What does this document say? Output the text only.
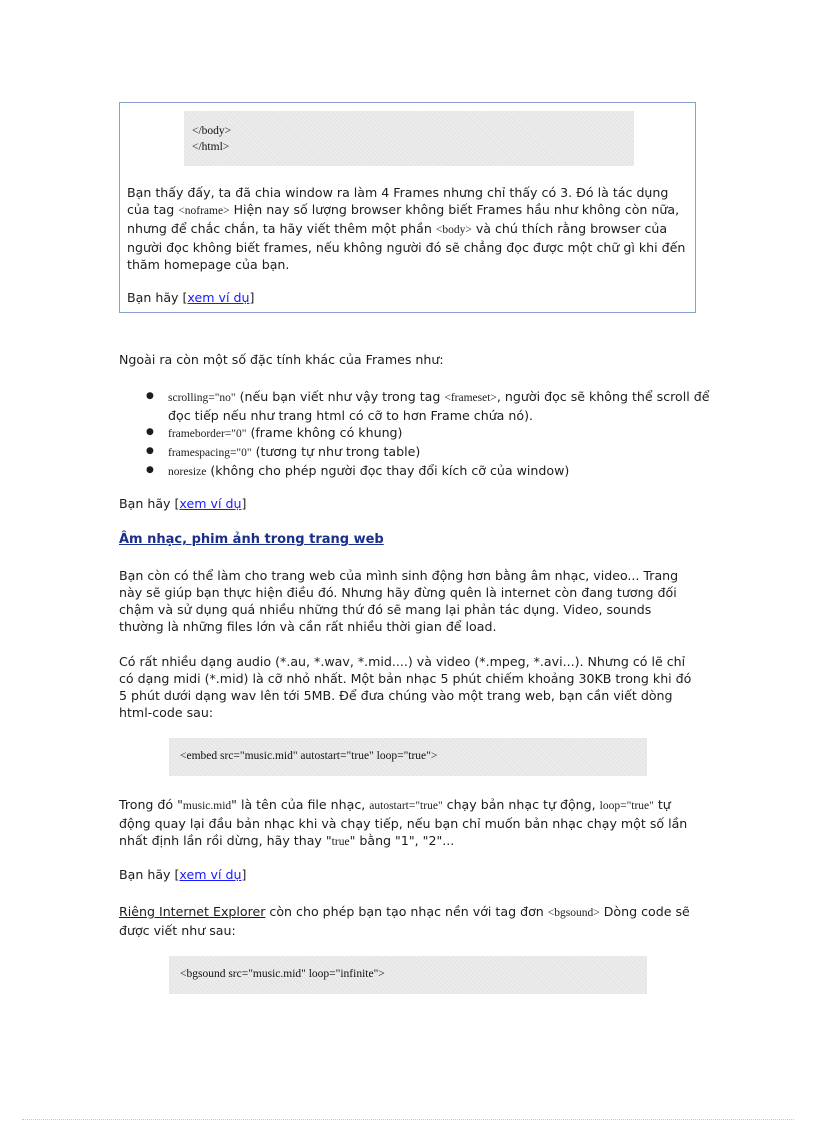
</body>
</html>

Bạn thấy đấy, ta đã chia window ra làm 4 Frames nhưng chỉ thấy có 3. Đó là tác dụng của tag <noframe> Hiện nay số lượng browser không biết Frames hầu như không còn nữa, nhưng để chắc chắn, ta hãy viết thêm một phần <body> và chú thích rằng browser của người đọc không biết frames, nếu không người đó sẽ chẳng đọc được một chữ gì khi đến thăm homepage của bạn.

Bạn hãy [xem ví dụ]

Ngoài ra còn một số đặc tính khác của Frames như:

● scrolling="no" (nếu bạn viết như vậy trong tag <frameset>, người đọc sẽ không thể scroll để đọc tiếp nếu như trang html có cỡ to hơn Frame chứa nó).
● frameborder="0" (frame không có khung)
● framespacing="0" (tương tự như trong table)
● noresize (không cho phép người đọc thay đổi kích cỡ của window)

Bạn hãy [xem ví dụ]

Âm nhạc, phim ảnh trong trang web

Bạn còn có thể làm cho trang web của mình sinh động hơn bằng âm nhạc, video... Trang này sẽ giúp bạn thực hiện điều đó. Nhưng hãy đừng quên là internet còn đang tương đối chậm và sử dụng quá nhiều những thứ đó sẽ mang lại phản tác dụng. Video, sounds thường là những files lớn và cần rất nhiều thời gian để load.

Có rất nhiều dạng audio (*.au, *.wav, *.mid....) và video (*.mpeg, *.avi...). Nhưng có lẽ chỉ có dạng midi (*.mid) là cỡ nhỏ nhất. Một bản nhạc 5 phút chiếm khoảng 30KB trong khi đó 5 phút dưới dạng wav lên tới 5MB. Để đưa chúng vào một trang web, bạn cần viết dòng html-code sau:

<embed src="music.mid" autostart="true" loop="true">

Trong đó "music.mid" là tên của file nhạc, autostart="true" chạy bản nhạc tự động, loop="true" tự động quay lại đầu bản nhạc khi và chạy tiếp, nếu bạn chỉ muốn bản nhạc chạy một số lần nhất định lần rồi dừng, hãy thay "true" bằng "1", "2"...

Bạn hãy [xem ví dụ]

Riêng Internet Explorer còn cho phép bạn tạo nhạc nền với tag đơn <bgsound> Dòng code sẽ được viết như sau:

<bgsound src="music.mid" loop="infinite">
